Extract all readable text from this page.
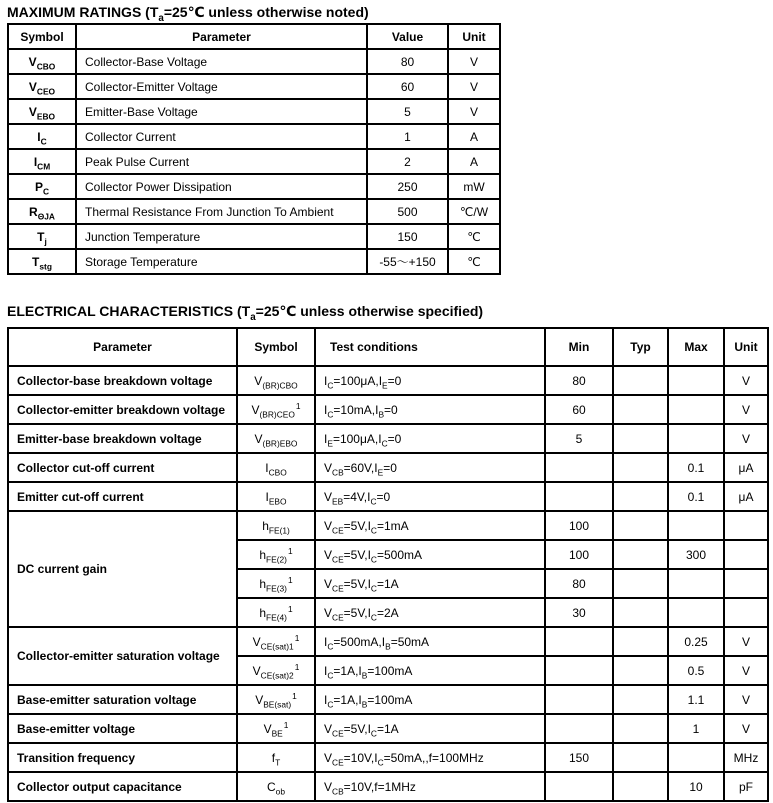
MAXIMUM RATINGS ($T_a=25℃$ unless otherwise noted)
Symbol	Parameter	Value	Unit
$V_{CBO}$	Collector-Base Voltage	80	V
$V_{CEO}$	Collector-Emitter Voltage	60	V
$V_{EBO}$	Emitter-Base Voltage	5	V
$I_C$	Collector Current	1	A
$I_{CM}$	Peak Pulse Current	2	A
$P_C$	Collector Power Dissipation	250	mW
$R_{\Theta JA}$	Thermal Resistance From Junction To Ambient	500	℃/W
$T_j$	Junction Temperature	150	℃
$T_{stg}$	Storage Temperature	-55～+150	℃
ELECTRICAL CHARACTERISTICS ($T_a=25℃$ unless otherwise specified)
Parameter	Symbol	Test conditions	Min	Typ	Max	Unit
Collector-base breakdown voltage	$V_{(BR)CBO}$	$I_C=100\mu A,I_E=0$	80			V
Collector-emitter breakdown voltage	$V_{(BR)CEO}^1$	$I_C=10mA,I_B=0$	60			V
Emitter-base breakdown voltage	$V_{(BR)EBO}$	$I_E=100\mu A,I_C=0$	5			V
Collector cut-off current	$I_{CBO}$	$V_{CB}=60V,I_E=0$			0.1	μA
Emitter cut-off current	$I_{EBO}$	$V_{EB}=4V,I_C=0$			0.1	μA
DC current gain	$h_{FE(1)}$	$V_{CE}=5V,I_C=1mA$	100			
	$h_{FE(2)}^1$	$V_{CE}=5V,I_C=500mA$	100		300	
	$h_{FE(3)}^1$	$V_{CE}=5V,I_C=1A$	80			
	$h_{FE(4)}^1$	$V_{CE}=5V,I_C=2A$	30			
Collector-emitter saturation voltage	$V_{CE(sat)1}^1$	$I_C=500mA,I_B=50mA$			0.25	V
	$V_{CE(sat)2}^1$	$I_C=1A,I_B=100mA$			0.5	V
Base-emitter saturation voltage	$V_{BE(sat)}^1$	$I_C=1A,I_B=100mA$			1.1	V
Base-emitter voltage	$V_{BE}^1$	$V_{CE}=5V,I_C=1A$			1	V
Transition frequency	$f_T$	$V_{CE}=10V,I_C=50mA,,f=100MHz$	150			MHz
Collector output capacitance	$C_{ob}$	$V_{CB}=10V,f=1MHz$			10	pF
